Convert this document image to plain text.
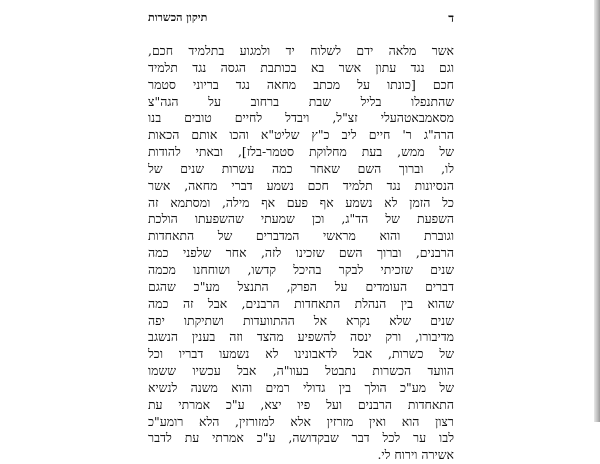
ד
תיקון הכשרות
אשר מלאה ידם לשלוח יד ולמגוע בתלמיד חכם,
וגם נגד עתון אשר בא בכותבת הגסה נגד תלמיד
חכם [כונתו על מכתב מחאה נגד בריוני סטמר
שהתנפלו בליל שבת ברחוב על הגה"צ
מסאמבאטהעלי זצ"ל, ויבדל לחיים טובים בנו
הרה"ג ר' חיים ליב כ"ץ שליט"א והכו אותם הכאות
של ממש, בעת מחלוקת סטמר-בלז], ובאתי להודות
לו, וברוך השם שאחר כמה עשרות שנים של
הנסיונות נגד תלמיד חכם נשמע דברי מחאה, אשר
כל הזמן לא נשמע אף פעם אף מילה, ומסתמא זה
השפעת של הד"ג, וכן שמעתי שהשפעתו הולכת
וגוברת והוא מראשי המדברים של התאחדות
הרבנים, וברוך השם שזכינו לזה, אחר שלפני כמה
שנים שזכיתי לבקר בהיכל קדשו, ושוחחנו מכמה
דברים העומדים על הפרק, התנצל מע"כ שהגם
שהוא בין הנהלת התאחדות הרבנים, אבל זה כמה
שנים שלא נקרא אל ההתוועדות ושתיקתו יפה
מדיבורו, ורק ינסה להשפיע מהצד וזה בענין הנשגב
של כשרות, אבל לדאבונינו לא נשמעו דבריו וכל
הוועד הכשרות נתבטל בעוו"ה, אבל עכשיו ששמו
של מע"כ הולך בין גדולי רמים והוא משנה לנשיא
התאחדות הרבנים ועל פיו יצא, ע"כ אמרתי עת
רצון הוא ואין מזרזין אלא למזורזין, הלא רומע"כ
לבו ער לכל דבר שבקדושה, ע"כ אמרתי עת לדבר
אשירה וירוח לי.
